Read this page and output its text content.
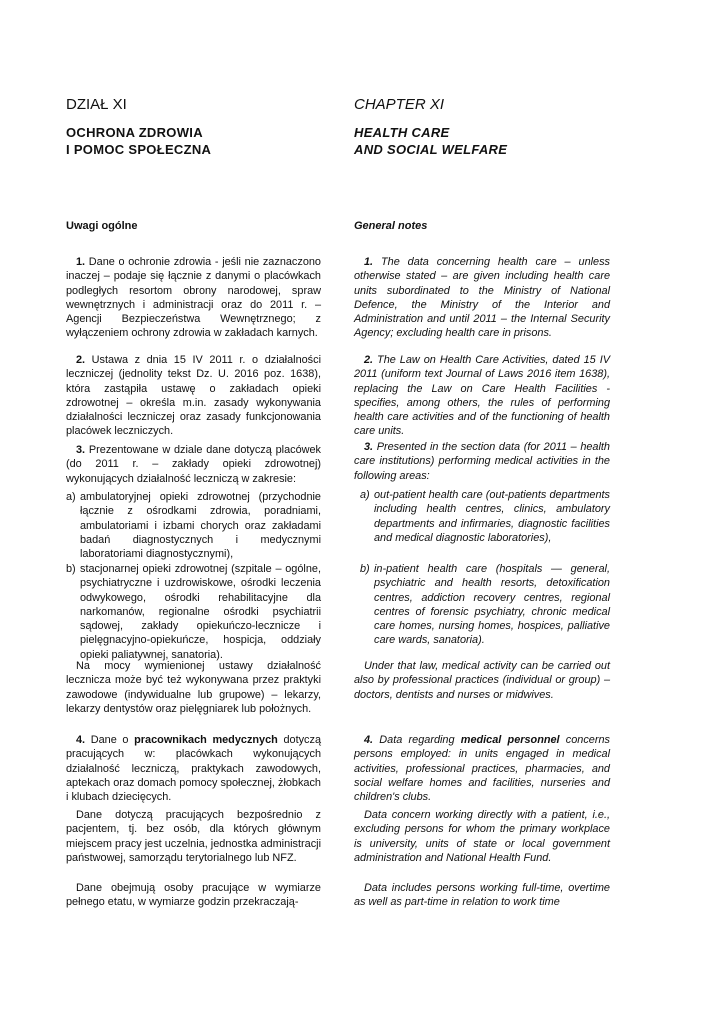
DZIAŁ XI
OCHRONA ZDROWIA
I POMOC SPOŁECZNA
Uwagi ogólne

1. Dane o ochronie zdrowia - jeśli nie zaznaczono inaczej – podaje się łącznie z danymi o placówkach podległych resortom obrony narodowej, spraw wewnętrznych i administracji oraz do 2011 r. – Agencji Bezpieczeństwa Wewnętrznego; z wyłączeniem ochrony zdrowia w zakładach karnych.

2. Ustawa z dnia 15 IV 2011 r. o działalności leczniczej (jednolity tekst Dz. U. 2016 poz. 1638), która zastąpiła ustawę o zakładach opieki zdrowotnej – określa m.in. zasady wykonywania działalności leczniczej oraz zasady funkcjonowania placówek leczniczych.

3. Prezentowane w dziale dane dotyczą placówek (do 2011 r. – zakłady opieki zdrowotnej) wykonujących działalność leczniczą w zakresie:

a) ambulatoryjnej opieki zdrowotnej (przychodnie łącznie z ośrodkami zdrowia, poradniami, ambulatoriami i izbami chorych oraz zakładami badań diagnostycznych i medycznymi laboratoriami diagnostycznymi),
b) stacjonarnej opieki zdrowotnej (szpitale – ogólne, psychiatryczne i uzdrowiskowe, ośrodki leczenia odwykowego, ośrodki rehabilitacyjne dla narkomanów, regionalne ośrodki psychiatrii sądowej, zakłady opiekuńczo-lecznicze i pielęgnacyjno-opiekuńcze, hospicja, oddziały opieki paliatywnej, sanatoria).

Na mocy wymienionej ustawy działalność lecznicza może być też wykonywana przez praktyki zawodowe (indywidualne lub grupowe) – lekarzy, lekarzy dentystów oraz pielęgniarek lub położnych.

4. Dane o pracownikach medycznych dotyczą pracujących w: placówkach wykonujących działalność leczniczą, praktykach zawodowych, aptekach oraz domach pomocy społecznej, żłobkach i klubach dziecięcych.

Dane dotyczą pracujących bezpośrednio z pacjentem, tj. bez osób, dla których głównym miejscem pracy jest uczelnia, jednostka administracji państwowej, samorządu terytorialnego lub NFZ.

Dane obejmują osoby pracujące w wymiarze pełnego etatu, w wymiarze godzin przekraczają-

CHAPTER XI
HEALTH CARE
AND SOCIAL WELFARE
General notes

1. The data concerning health care – unless otherwise stated – are given including health care units subordinated to the Ministry of National Defence, the Ministry of the Interior and Administration and until 2011 – the Internal Security Agency; excluding health care in prisons.

2. The Law on Health Care Activities, dated 15 IV 2011 (uniform text Journal of Laws 2016 item 1638), replacing the Law on Care Health Facilities - specifies, among others, the rules of performing health care activities and of the functioning of health care units.

3. Presented in the section data (for 2011 – health care institutions) performing medical activities in the following areas:

a) out-patient health care (out-patients departments including health centres, clinics, ambulatory departments and infirmaries, diagnostic facilities and medical diagnostic laboratories),
b) in-patient health care (hospitals — general, psychiatric and health resorts, detoxification centres, addiction recovery centres, regional centres of forensic psychiatry, chronic medical care homes, nursing homes, hospices, palliative care wards, sanatoria).

Under that law, medical activity can be carried out also by professional practices (individual or group) – doctors, dentists and nurses or midwives.

4. Data regarding medical personnel concerns persons employed: in units engaged in medical activities, professional practices, pharmacies, and social welfare homes and facilities, nurseries and children's clubs.

Data concern working directly with a patient, i.e., excluding persons for whom the primary workplace is university, units of state or local government administration and National Health Fund.

Data includes persons working full-time, overtime as well as part-time in relation to work time
